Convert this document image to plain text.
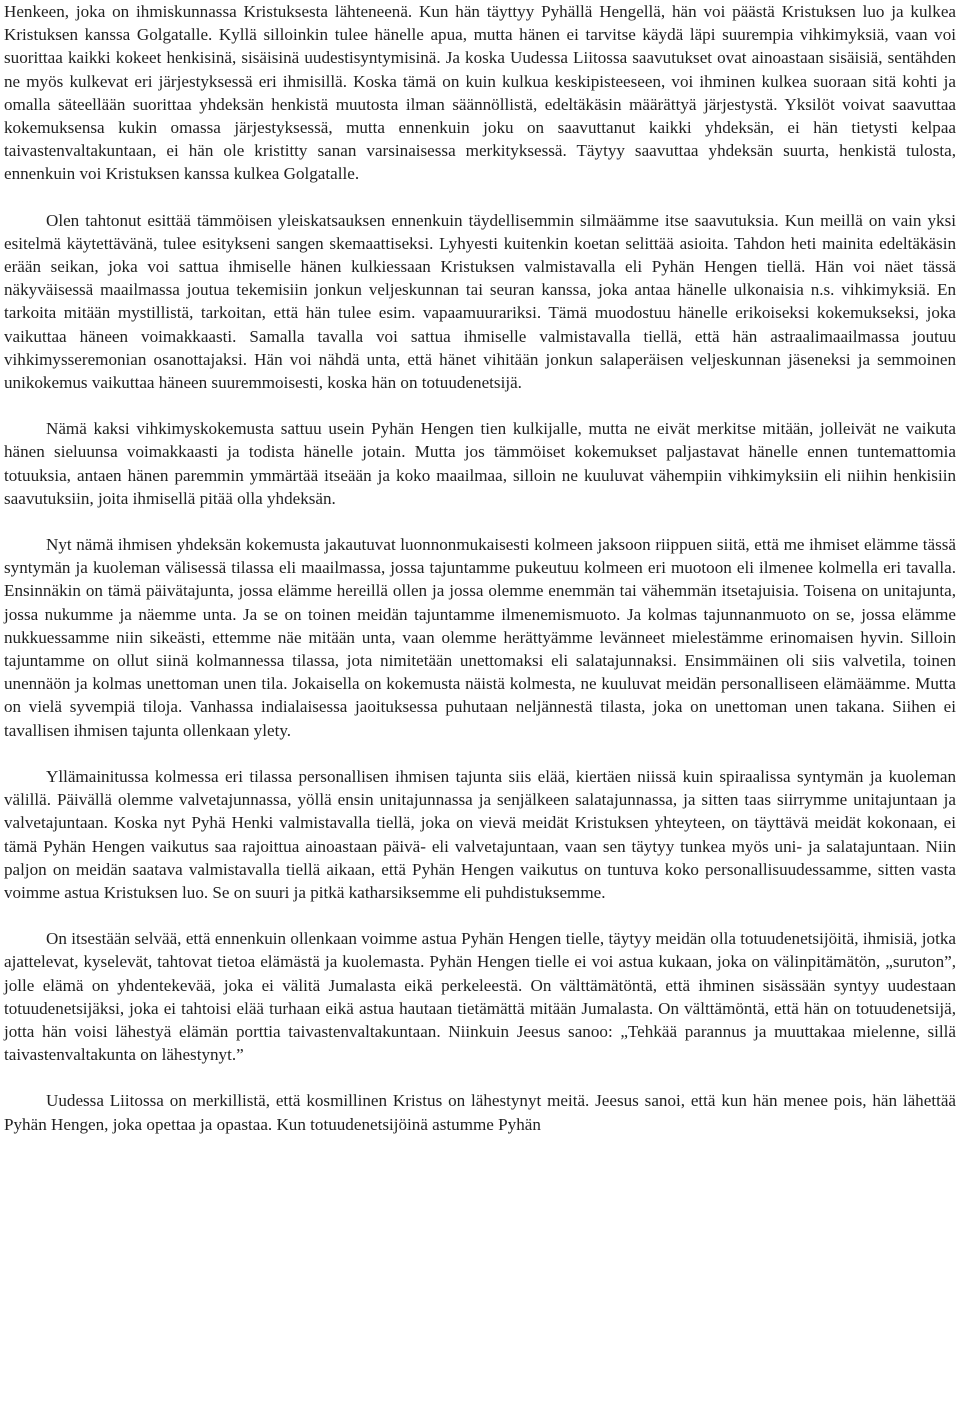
Henkeen, joka on ihmiskunnassa Kristuksesta lähteneenä. Kun hän täyttyy Pyhällä Hengellä, hän voi päästä Kristuksen luo ja kulkea Kristuksen kanssa Golgatalle. Kyllä silloinkin tulee hänelle apua, mutta hänen ei tarvitse käydä läpi suurempia vihkimyksiä, vaan voi suorittaa kaikki kokeet henkisinä, sisäisinä uudestisyntymisinä. Ja koska Uudessa Liitossa saavutukset ovat ainoastaan sisäisiä, sentähden ne myös kulkevat eri järjestyksessä eri ihmisillä. Koska tämä on kuin kulkua keskipisteeseen, voi ihminen kulkea suoraan sitä kohti ja omalla säteellään suorittaa yhdeksän henkistä muutosta ilman säännöllistä, edeltäkäsin määrättyä järjestystä. Yksilöt voivat saavuttaa kokemuksensa kukin omassa järjestyksessä, mutta ennenkuin joku on saavuttanut kaikki yhdeksän, ei hän tietysti kelpaa taivastenvaltakuntaan, ei hän ole kristitty sanan varsinaisessa merkityksessä. Täytyy saavuttaa yhdeksän suurta, henkistä tulosta, ennenkuin voi Kristuksen kanssa kulkea Golgatalle.

Olen tahtonut esittää tämmöisen yleiskatsauksen ennenkuin täydellisemmin silmäämme itse saavutuksia. Kun meillä on vain yksi esitelmä käytettävänä, tulee esitykseni sangen skemaattiseksi. Lyhyesti kuitenkin koetan selittää asioita. Tahdon heti mainita edeltäkäsin erään seikan, joka voi sattua ihmiselle hänen kulkiessaan Kristuksen valmistavalla eli Pyhän Hengen tiellä. Hän voi näet tässä näkyväisessä maailmassa joutua tekemisiin jonkun veljeskunnan tai seuran kanssa, joka antaa hänelle ulkonaisia n.s. vihkimyksiä. En tarkoita mitään mystillistä, tarkoitan, että hän tulee esim. vapaamuurariksi. Tämä muodostuu hänelle erikoiseksi kokemukseksi, joka vaikuttaa häneen voimakkaasti. Samalla tavalla voi sattua ihmiselle valmistavalla tiellä, että hän astraalimaailmassa joutuu vihkimysseremonian osanottajaksi. Hän voi nähdä unta, että hänet vihitään jonkun salaperäisen veljeskunnan jäseneksi ja semmoinen unikokemus vaikuttaa häneen suuremmoisesti, koska hän on totuudenetsijä.

Nämä kaksi vihkimyskokemusta sattuu usein Pyhän Hengen tien kulkijalle, mutta ne eivät merkitse mitään, jolleivät ne vaikuta hänen sieluunsa voimakkaasti ja todista hänelle jotain. Mutta jos tämmöiset kokemukset paljastavat hänelle ennen tuntemattomia totuuksia, antaen hänen paremmin ymmärtää itseään ja koko maailmaa, silloin ne kuuluvat vähempiin vihkimyksiin eli niihin henkisiin saavutuksiin, joita ihmisellä pitää olla yhdeksän.

Nyt nämä ihmisen yhdeksän kokemusta jakautuvat luonnonmukaisesti kolmeen jaksoon riippuen siitä, että me ihmiset elämme tässä syntymän ja kuoleman välisessä tilassa eli maailmassa, jossa tajuntamme pukeutuu kolmeen eri muotoon eli ilmenee kolmella eri tavalla. Ensinnäkin on tämä päivätajunta, jossa elämme hereillä ollen ja jossa olemme enemmän tai vähemmän itsetajuisia. Toisena on unitajunta, jossa nukumme ja näemme unta. Ja se on toinen meidän tajuntamme ilmenemismuoto. Ja kolmas tajunnanmuoto on se, jossa elämme nukkuessamme niin sikeästi, ettemme näe mitään unta, vaan olemme herättyämme levänneet mielestämme erinomaisen hyvin. Silloin tajuntamme on ollut siinä kolmannessa tilassa, jota nimitetään unettomaksi eli salatajunnaksi. Ensimmäinen oli siis valvetila, toinen unennäön ja kolmas unettoman unen tila. Jokaisella on kokemusta näistä kolmesta, ne kuuluvat meidän personalliseen elämäämme. Mutta on vielä syvempiä tiloja. Vanhassa indialaisessa jaoituksessa puhutaan neljännestä tilasta, joka on unettoman unen takana. Siihen ei tavallisen ihmisen tajunta ollenkaan ylety.

Yllämainitussa kolmessa eri tilassa personallisen ihmisen tajunta siis elää, kiertäen niissä kuin spiraalissa syntymän ja kuoleman välillä. Päivällä olemme valvetajunnassa, yöllä ensin unitajunnassa ja senjälkeen salatajunnassa, ja sitten taas siirrymme unitajuntaan ja valvetajuntaan. Koska nyt Pyhä Henki valmistavalla tiellä, joka on vievä meidät Kristuksen yhteyteen, on täyttävä meidät kokonaan, ei tämä Pyhän Hengen vaikutus saa rajoittua ainoastaan päivä- eli valvetajuntaan, vaan sen täytyy tunkea myös uni- ja salatajuntaan. Niin paljon on meidän saatava valmistavalla tiellä aikaan, että Pyhän Hengen vaikutus on tuntuva koko personallisuudessamme, sitten vasta voimme astua Kristuksen luo. Se on suuri ja pitkä katharsiksemme eli puhdistuksemme.

On itsestään selvää, että ennenkuin ollenkaan voimme astua Pyhän Hengen tielle, täytyy meidän olla totuudenetsijöitä, ihmisiä, jotka ajattelevat, kyselevät, tahtovat tietoa elämästä ja kuolemasta. Pyhän Hengen tielle ei voi astua kukaan, joka on välinpitämätön, „suruton”, jolle elämä on yhdentekevää, joka ei välitä Jumalasta eikä perkeleestä. On välttämätöntä, että ihminen sisässään syntyy uudestaan totuudenetsijäksi, joka ei tahtoisi elää turhaan eikä astua hautaan tietämättä mitään Jumalasta. On välttämöntä, että hän on totuudenetsijä, jotta hän voisi lähestyä elämän porttia taivastenvaltakuntaan. Niinkuin Jeesus sanoo: „Tehkää parannus ja muuttakaa mielenne, sillä taivastenvaltakunta on lähestynyt.”

Uudessa Liitossa on merkillistä, että kosmillinen Kristus on lähestynyt meitä. Jeesus sanoi, että kun hän menee pois, hän lähettää Pyhän Hengen, joka opettaa ja opastaa. Kun totuudenetsijöinä astumme Pyhän
